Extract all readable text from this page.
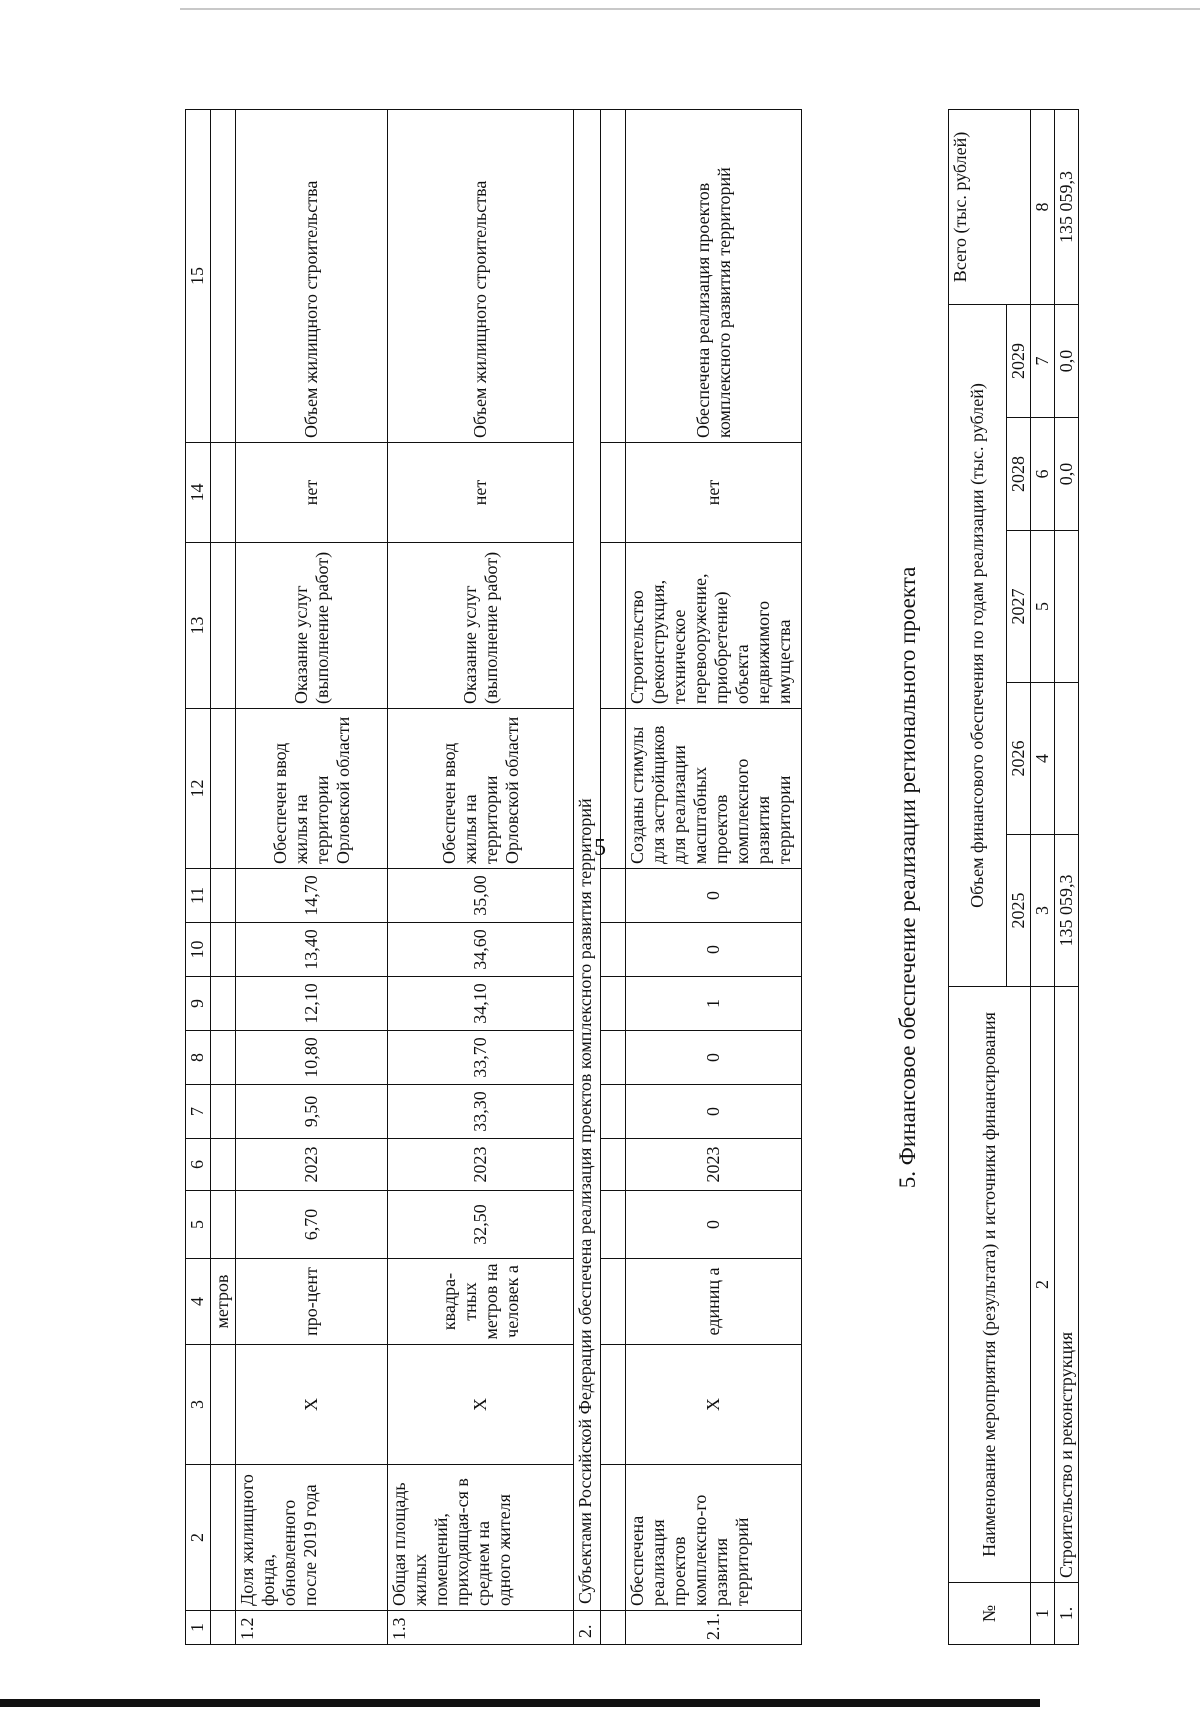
5
1	2	3	4	5	6	7	8	9	10	11	12	13	14	15
			метров											
1.2	Доля жилищного фонда, обновленного после 2019 года	X	про-цент	6,70	2023	9,50	10,80	12,10	13,40	14,70	Обеспечен ввод жилья на территории Орловской области	Оказание услуг (выполнение работ)	нет	Объем жилищного строительства
1.3	Общая площадь жилых помещений, приходящая-ся в среднем на одного жителя	X	квадра-тных метров на человек а	32,50	2023	33,30	33,70	34,10	34,60	35,00	Обеспечен ввод жилья на территории Орловской области	Оказание услуг (выполнение работ)	нет	Объем жилищного строительства
2.	Субъектами Российской Федерации обеспечена реализация проектов комплексного развития территорий													

2.1.	Обеспечена реализация проектов комплексно-го развития территорий	X	единиц а	0	2023	0	0	1	0	0	Созданы стимулы для застройщиков для реализации масштабных проектов комплексного развития территории	Строительство (реконструкция, техническое перевооружение, приобретение) объекта недвижимого имущества	нет	Обеспечена реализация проектов комплексного развития территорий
5. Финансовое обеспечение реализации регионального проекта
№	Наименование мероприятия (результата) и источники финансирования	Объем финансового обеспечения по годам реализации (тыс. рублей)					Всего (тыс. рублей)
		2025	2026	2027	2028	2029	
1	2	3	4	5	6	7	8
1.	Строительство и реконструкция	135 059,3			0,0	0,0	135 059,3
